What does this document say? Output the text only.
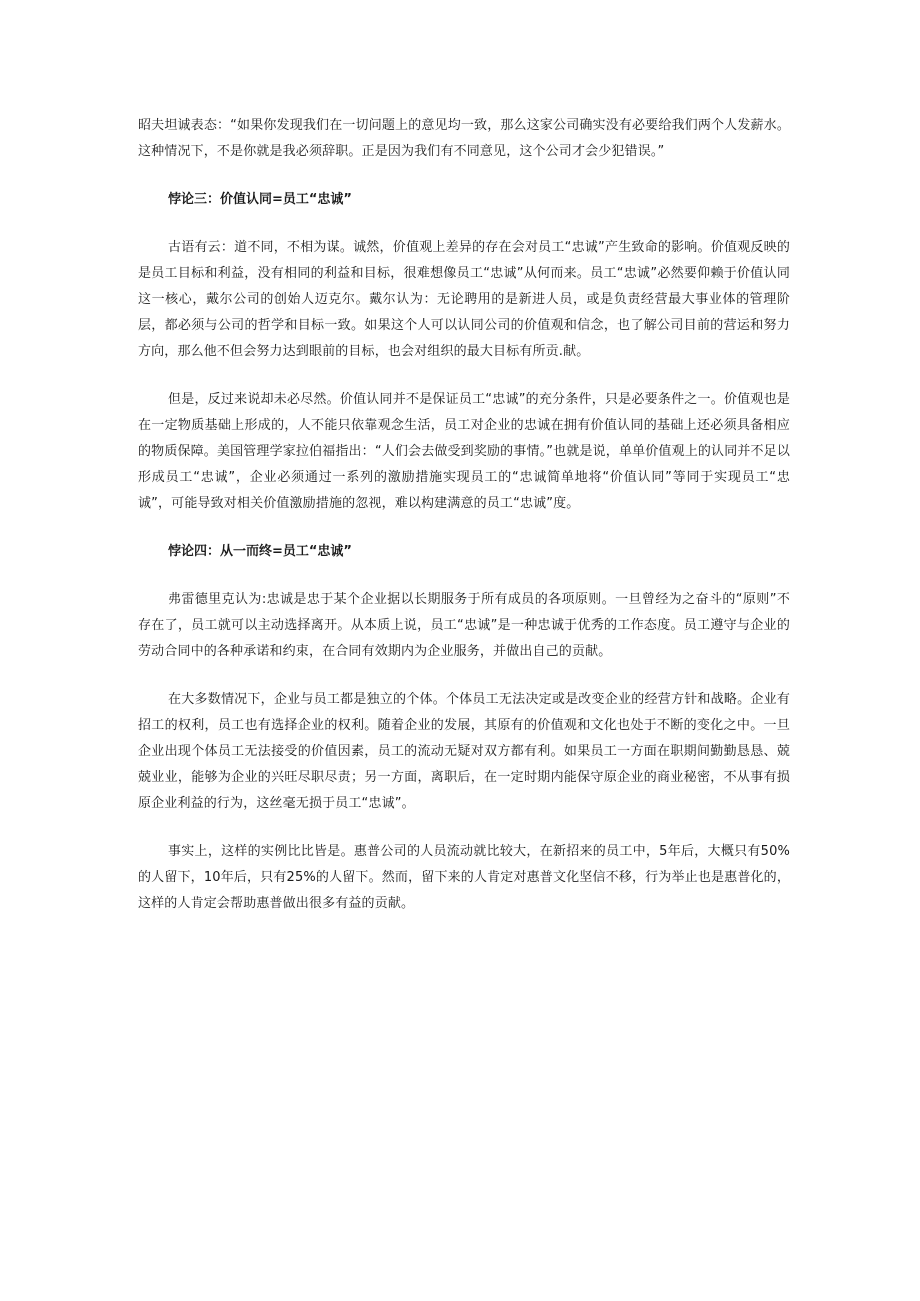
昭夫坦诚表态：“如果你发现我们在一切问题上的意见均一致，那么这家公司确实没有必要给我们两个人发薪水。这种情况下，不是你就是我必须辞职。正是因为我们有不同意见，这个公司才会少犯错误。”

悖论三：价值认同=员工“忠诚”

古语有云：道不同，不相为谋。诚然，价值观上差异的存在会对员工“忠诚”产生致命的影响。价值观反映的是员工目标和利益，没有相同的利益和目标，很难想像员工“忠诚”从何而来。员工“忠诚”必然要仰赖于价值认同这一核心，戴尔公司的创始人迈克尔。戴尔认为：无论聘用的是新进人员，或是负责经营最大事业体的管理阶层，都必须与公司的哲学和目标一致。如果这个人可以认同公司的价值观和信念，也了解公司目前的营运和努力方向，那么他不但会努力达到眼前的目标，也会对组织的最大目标有所贡.献。

但是，反过来说却未必尽然。价值认同并不是保证员工“忠诚”的充分条件，只是必要条件之一。价值观也是在一定物质基础上形成的，人不能只依靠观念生活，员工对企业的忠诚在拥有价值认同的基础上还必须具备相应的物质保障。美国管理学家拉伯福指出：“人们会去做受到奖励的事情。”也就是说，单单价值观上的认同并不足以形成员工“忠诚”，企业必须通过一系列的激励措施实现员工的“忠诚简单地将“价值认同”等同于实现员工“忠诚”，可能导致对相关价值激励措施的忽视，难以构建满意的员工“忠诚”度。

悖论四：从一而终=员工“忠诚”

弗雷德里克认为:忠诚是忠于某个企业据以长期服务于所有成员的各项原则。一旦曾经为之奋斗的“原则”不存在了，员工就可以主动选择离开。从本质上说，员工“忠诚”是一种忠诚于优秀的工作态度。员工遵守与企业的劳动合同中的各种承诺和约束，在合同有效期内为企业服务，并做出自己的贡献。

在大多数情况下，企业与员工都是独立的个体。个体员工无法决定或是改变企业的经营方针和战略。企业有招工的权利，员工也有选择企业的权利。随着企业的发展，其原有的价值观和文化也处于不断的变化之中。一旦企业出现个体员工无法接受的价值因素，员工的流动无疑对双方都有利。如果员工一方面在职期间勤勤恳恳、兢兢业业，能够为企业的兴旺尽职尽责；另一方面，离职后，在一定时期内能保守原企业的商业秘密，不从事有损原企业利益的行为，这丝毫无损于员工“忠诚”。

事实上，这样的实例比比皆是。惠普公司的人员流动就比较大，在新招来的员工中，5年后，大概只有50%的人留下，10年后，只有25%的人留下。然而，留下来的人肯定对惠普文化坚信不移，行为举止也是惠普化的，这样的人肯定会帮助惠普做出很多有益的贡献。
